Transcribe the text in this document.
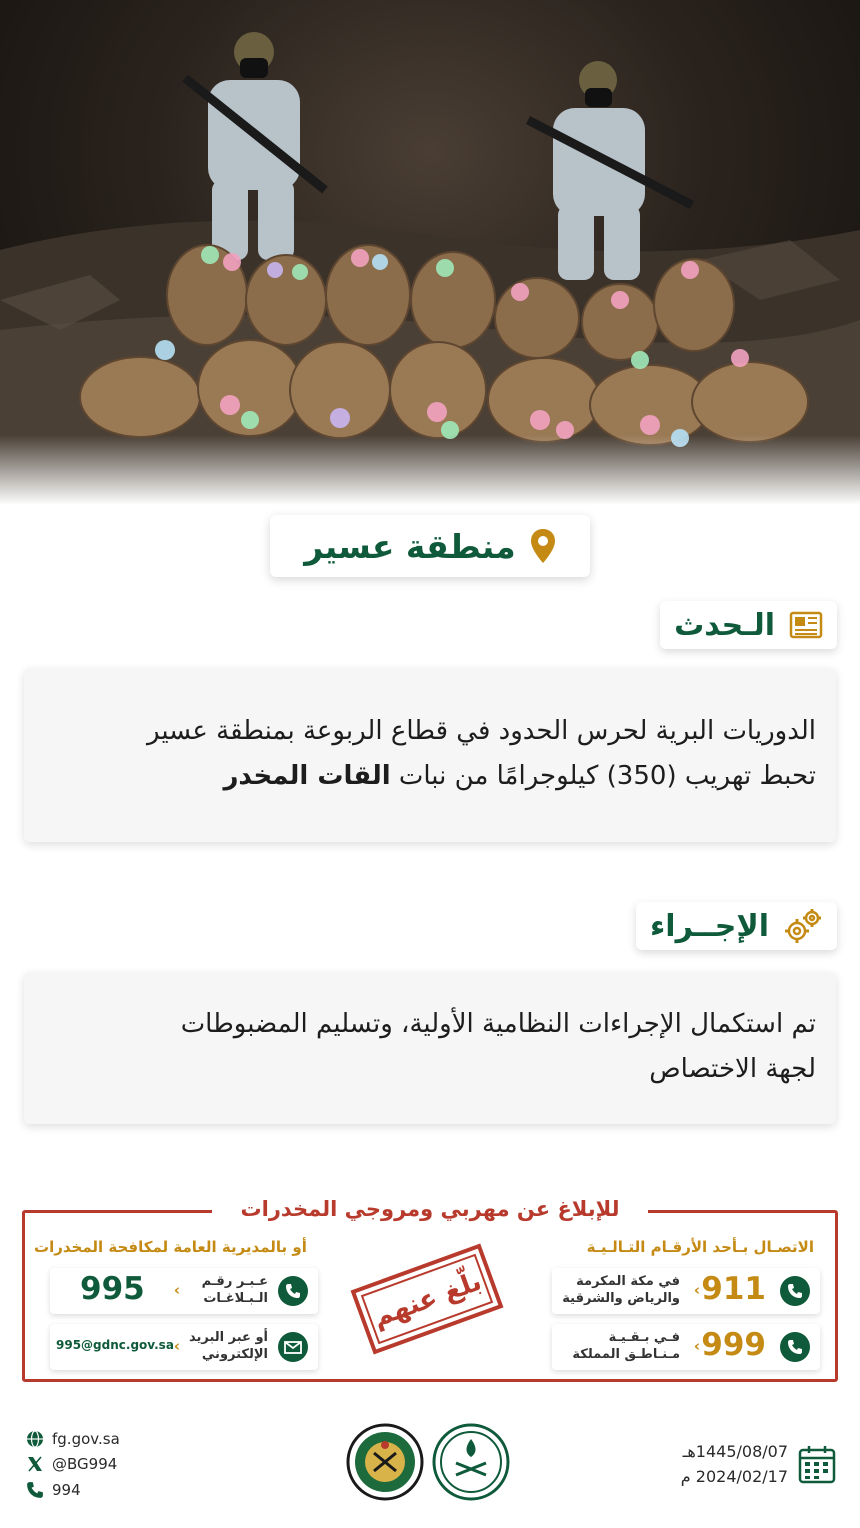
منطقة عسير
الـحدث
الدوريات البرية لحرس الحدود في قطاع الربوعة بمنطقة عسير
تحبط تهريب (350) كيلوجرامًا من نبات القات المخدر
الإجــراء
تم استكمال الإجراءات النظامية الأولية، وتسليم المضبوطات
لجهة الاختصاص
للإبلاغ عن مهربي ومروجي المخدرات
الاتصـال بـأحد الأرقـام التـالـيـة
أو بالمديرية العامة لمكافحة المخدرات
911
‹
في مكة المكرمة
والرياض والشرقية
999
‹
فـي بـقـيـة
مـنـاطـق المملكة
عـبـر رقـم
الـبـلاغـات
‹
995
أو عبر البريد
الإلكتروني
‹
995@gdnc.gov.sa
بلّغ عنهم
fg.gov.sa
@BG994
994
1445/08/07هـ
2024/02/17 م
